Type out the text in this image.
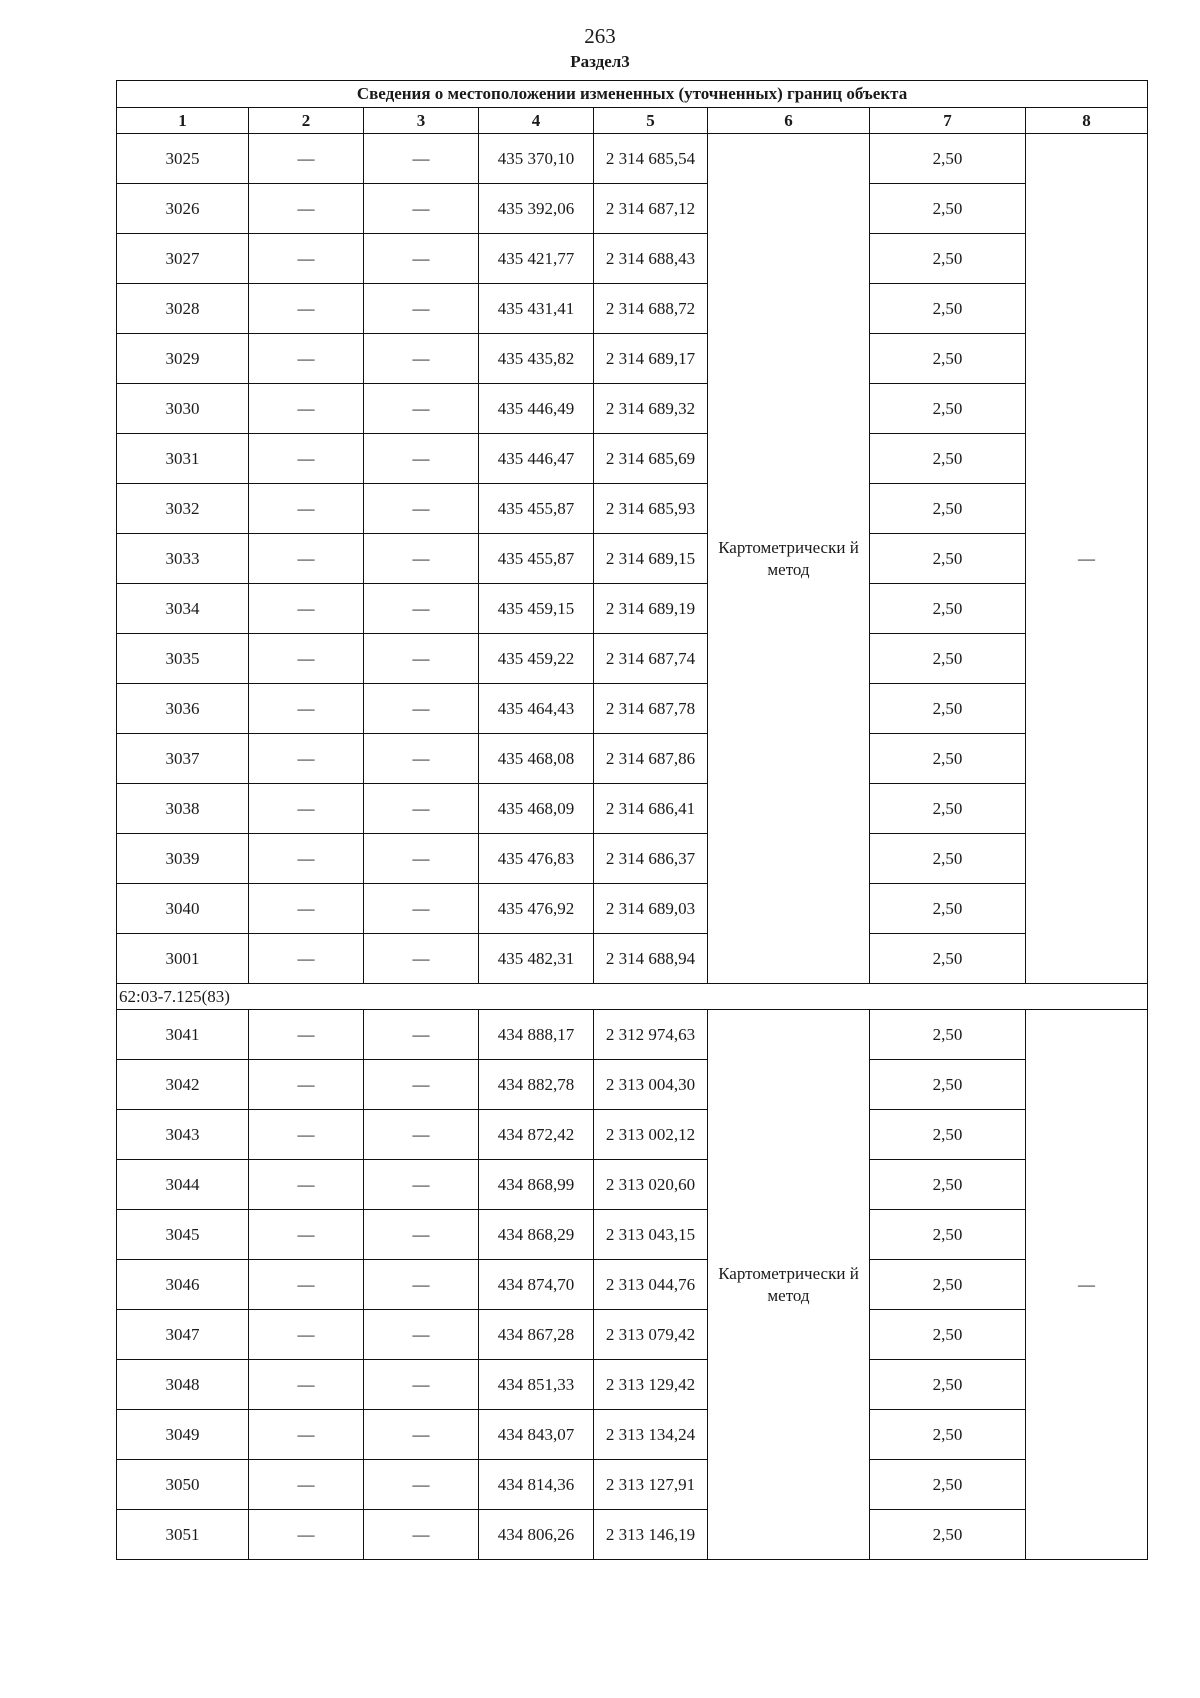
263
Раздел3
Сведения о местоположении измененных (уточненных) границ объекта							
1	2	3	4	5	6	7	8
3025	—	—	435 370,10	2 314 685,54	Картометрически й метод	2,50	—
3026	—	—	435 392,06	2 314 687,12		2,50	
3027	—	—	435 421,77	2 314 688,43		2,50	
3028	—	—	435 431,41	2 314 688,72		2,50	
3029	—	—	435 435,82	2 314 689,17		2,50	
3030	—	—	435 446,49	2 314 689,32		2,50	
3031	—	—	435 446,47	2 314 685,69		2,50	
3032	—	—	435 455,87	2 314 685,93		2,50	
3033	—	—	435 455,87	2 314 689,15		2,50	
3034	—	—	435 459,15	2 314 689,19		2,50	
3035	—	—	435 459,22	2 314 687,74		2,50	
3036	—	—	435 464,43	2 314 687,78		2,50	
3037	—	—	435 468,08	2 314 687,86		2,50	
3038	—	—	435 468,09	2 314 686,41		2,50	
3039	—	—	435 476,83	2 314 686,37		2,50	
3040	—	—	435 476,92	2 314 689,03		2,50	
3001	—	—	435 482,31	2 314 688,94		2,50	
62:03-7.125(83)							
3041	—	—	434 888,17	2 312 974,63	Картометрически й метод	2,50	—
3042	—	—	434 882,78	2 313 004,30		2,50	
3043	—	—	434 872,42	2 313 002,12		2,50	
3044	—	—	434 868,99	2 313 020,60		2,50	
3045	—	—	434 868,29	2 313 043,15		2,50	
3046	—	—	434 874,70	2 313 044,76		2,50	
3047	—	—	434 867,28	2 313 079,42		2,50	
3048	—	—	434 851,33	2 313 129,42		2,50	
3049	—	—	434 843,07	2 313 134,24		2,50	
3050	—	—	434 814,36	2 313 127,91		2,50	
3051	—	—	434 806,26	2 313 146,19		2,50	
